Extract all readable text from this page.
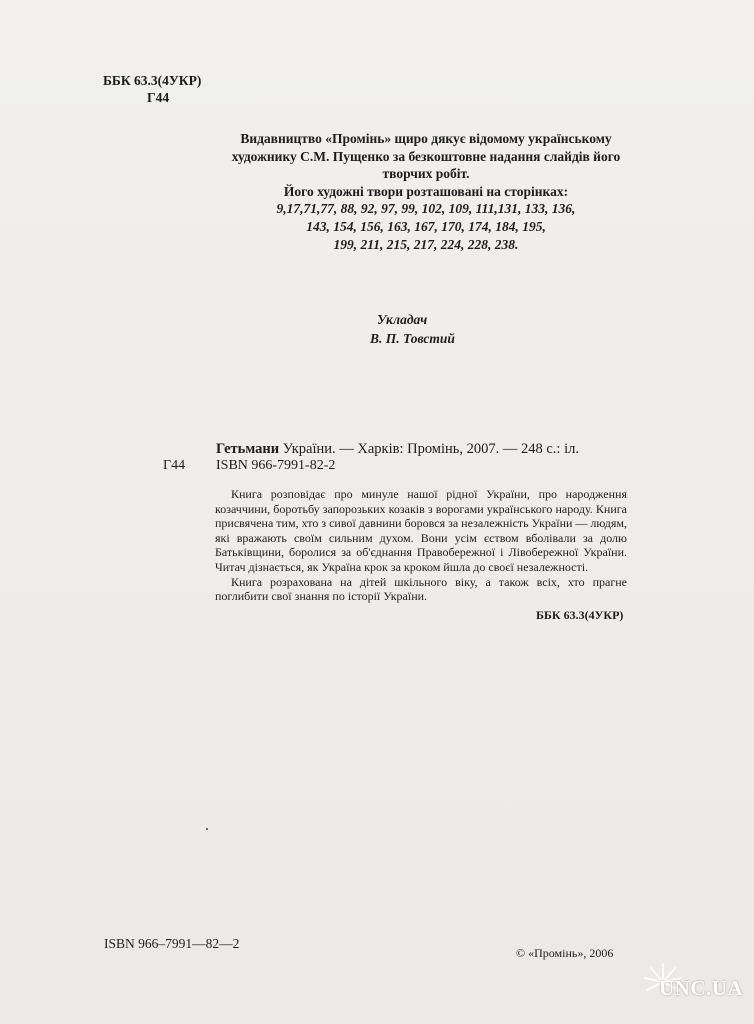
ББК 63.3(4УКР)
Г44
Видавництво «Промінь» щиро дякує відомому українському
художнику С.М. Пущенко за безкоштовне надання слайдів його
творчих робіт.
Його художні твори розташовані на сторінках:
9,17,71,77, 88, 92, 97, 99, 102, 109, 111,131, 133, 136,
143, 154, 156, 163, 167, 170, 174, 184, 195,
199, 211, 215, 217, 224, 228, 238.
Укладач
В. П. Товстий
Гетьмани України. — Харків: Промінь, 2007. — 248 с.: іл.
Г44 ISBN 966-7991-82-2

Книга розповідає про минуле нашої рідної України, про народження козаччини, боротьбу запорозьких козаків з ворогами українського народу. Книга присвячена тим, хто з сивої давнини боровся за незалежність України — людям, які вражають своїм сильним духом. Вони усім єством вболівали за долю Батьківщини, боролися за об'єднання Правобережної і Лівобережної України. Читач дізнається, як Україна крок за кроком йшла до своєї незалежності.

Книга розрахована на дітей шкільного віку, а також всіх, хто прагне поглибити свої знання по історії України.

ББК 63.3(4УКР)
ISBN 966–7991—82—2
© «Промінь», 2006
UNC.UA
